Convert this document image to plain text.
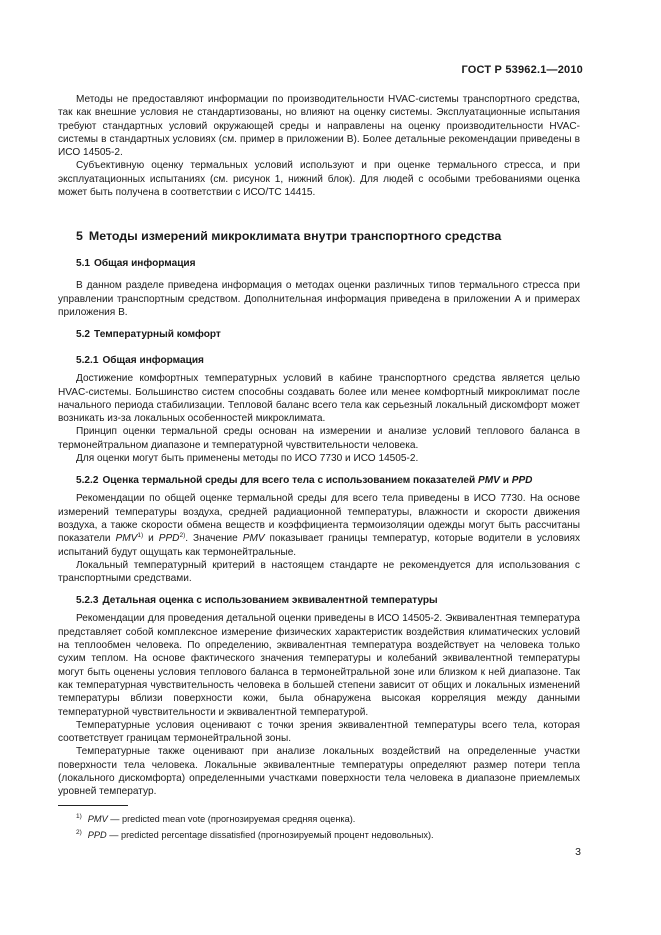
ГОСТ Р 53962.1—2010

Методы не предоставляют информации по производительности HVAC-системы транспортного средства, так как внешние условия не стандартизованы, но влияют на оценку системы. Эксплуатационные испытания требуют стандартных условий окружающей среды и направлены на оценку производительности HVAC-системы в стандартных условиях (см. пример в приложении В). Более детальные рекомендации приведены в ИСО 14505-2.

Субъективную оценку термальных условий используют и при оценке термального стресса, и при эксплуатационных испытаниях (см. рисунок 1, нижний блок). Для людей с особыми требованиями оценка может быть получена в соответствии с ИСО/ТС 14415.

5 Методы измерений микроклимата внутри транспортного средства
5.1 Общая информация

В данном разделе приведена информация о методах оценки различных типов термального стресса при управлении транспортным средством. Дополнительная информация приведена в приложении А и примерах приложения В.

5.2 Температурный комфорт
5.2.1 Общая информация

Достижение комфортных температурных условий в кабине транспортного средства является целью HVAC-системы. Большинство систем способны создавать более или менее комфортный микроклимат после начального периода стабилизации. Тепловой баланс всего тела как серьезный локальный дискомфорт может возникать из-за локальных особенностей микроклимата.

Принцип оценки термальной среды основан на измерении и анализе условий теплового баланса в термонейтральном диапазоне и температурной чувствительности человека.

Для оценки могут быть применены методы по ИСО 7730 и ИСО 14505-2.

5.2.2 Оценка термальной среды для всего тела с использованием показателей PMV и PPD

Рекомендации по общей оценке термальной среды для всего тела приведены в ИСО 7730. На основе измерений температуры воздуха, средней радиационной температуры, влажности и скорости движения воздуха, а также скорости обмена веществ и коэффициента термоизоляции одежды могут быть рассчитаны показатели PMV$^{1)}$ и PPD$^{2)}$. Значение PMV показывает границы температур, которые водители в условиях испытаний будут ощущать как термонейтральные.

Локальный температурный критерий в настоящем стандарте не рекомендуется для использования с транспортными средствами.

5.2.3 Детальная оценка с использованием эквивалентной температуры

Рекомендации для проведения детальной оценки приведены в ИСО 14505-2. Эквивалентная температура представляет собой комплексное измерение физических характеристик воздействия климатических условий на теплообмен человека. По определению, эквивалентная температура воздействует на человека только сухим теплом. На основе фактического значения температуры и колебаний эквивалентной температуры могут быть оценены условия теплового баланса в термонейтральной зоне или близком к ней диапазоне. Так как температурная чувствительность человека в большей степени зависит от общих и локальных изменений температуры вблизи поверхности кожи, была обнаружена высокая корреляция между данными температурной чувствительности и эквивалентной температурой.

Температурные условия оценивают с точки зрения эквивалентной температуры всего тела, которая соответствует границам термонейтральной зоны.

Температурные также оценивают при анализе локальных воздействий на определенные участки поверхности тела человека. Локальные эквивалентные температуры определяют размер потери тепла (локального дискомфорта) определенными участками поверхности тела человека в диапазоне приемлемых уровней температур.

$^{1)}$ PMV — predicted mean vote (прогнозируемая средняя оценка).
$^{2)}$ PPD — predicted percentage dissatisfied (прогнозируемый процент недовольных).
3
